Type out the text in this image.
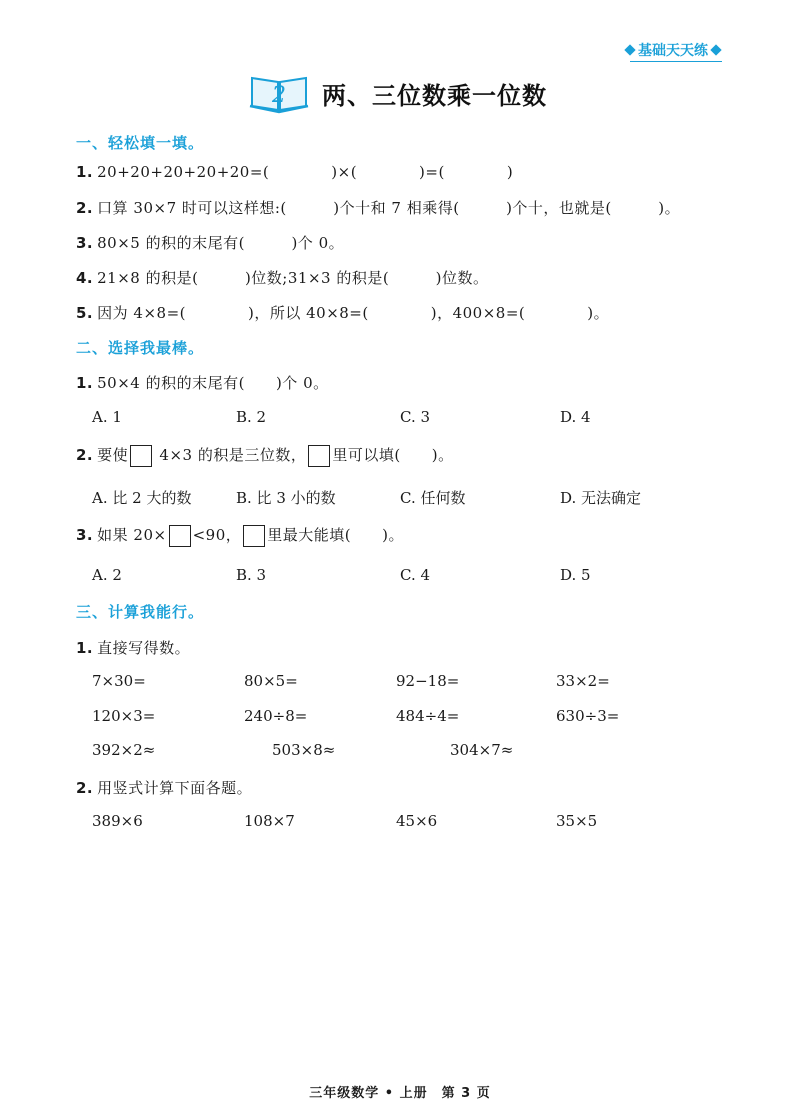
基础天天练
2 两、三位数乘一位数
一、轻松填一填。
1. 20+20+20+20+20=(　　　　)×(　　　　)=(　　　　)
2. 口算 30×7 时可以这样想:(　　　)个十和 7 相乘得(　　　)个十，也就是(　　　)。
3. 80×5 的积的末尾有(　　　)个 0。
4. 21×8 的积是(　　　)位数;31×3 的积是(　　　)位数。
5. 因为 4×8=(　　　　)，所以 40×8=(　　　　)，400×8=(　　　　)。
二、选择我最棒。
1. 50×4 的积的末尾有(　　)个 0。
A. 1	B. 2	C. 3	D. 4
2. 要使 4×3 的积是三位数， 里可以填(　　)。
A. 比 2 大的数	B. 比 3 小的数	C. 任何数	D. 无法确定
3. 如果 20× <90， 里最大能填(　　)。
A. 2	B. 3	C. 4	D. 5
三、计算我能行。
1. 直接写得数。
7×30=	80×5=	92−18=	33×2=
120×3=	240÷8=	484÷4=	630÷3=
392×2≈	503×8≈	304×7≈
2. 用竖式计算下面各题。
389×6	108×7	45×6	35×5
三年级数学 • 上册　第 3 页
